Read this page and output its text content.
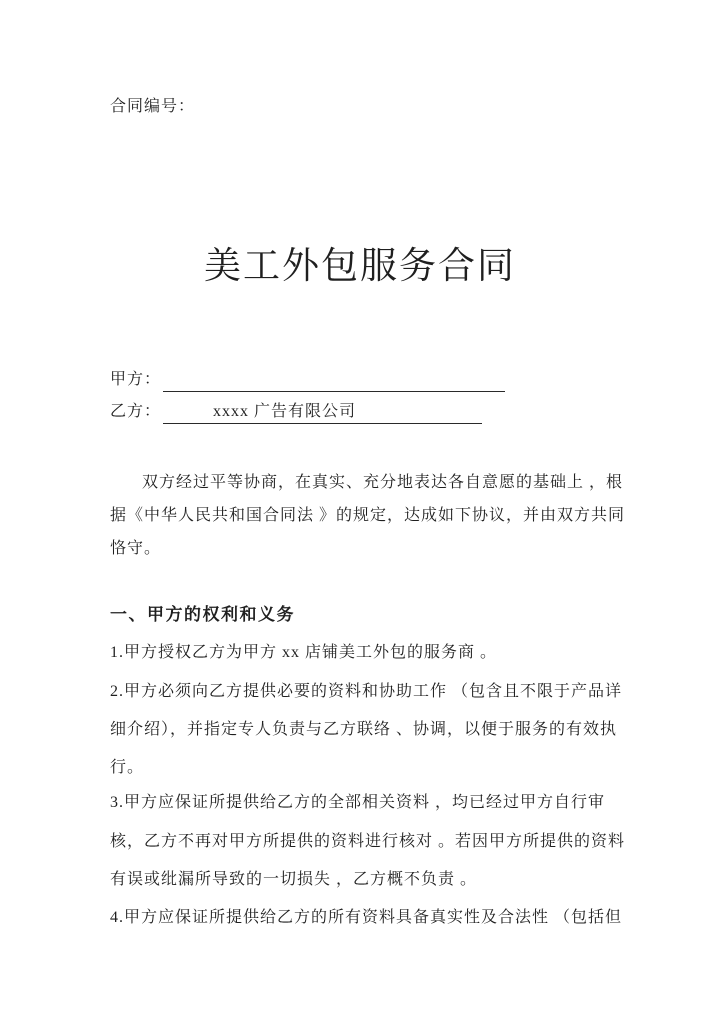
合同编号：
美工外包服务合同
甲方：
乙方：	xxxx 广告有限公司
双方经过平等协商，在真实、充分地表达各自意愿的基础上 ，根
据《中华人民共和国合同法 》的规定，达成如下协议，并由双方共同
恪守。
一、甲方的权利和义务
1.甲方授权乙方为甲方 xx 店铺美工外包的服务商 。
2.甲方必须向乙方提供必要的资料和协助工作 （包含且不限于产品详
细介绍），并指定专人负责与乙方联络 、协调，以便于服务的有效执
行。
3.甲方应保证所提供给乙方的全部相关资料 ，均已经过甲方自行审
核，乙方不再对甲方所提供的资料进行核对 。若因甲方所提供的资料
有误或纰漏所导致的一切损失 ，乙方概不负责 。
4.甲方应保证所提供给乙方的所有资料具备真实性及合法性 （包括但
